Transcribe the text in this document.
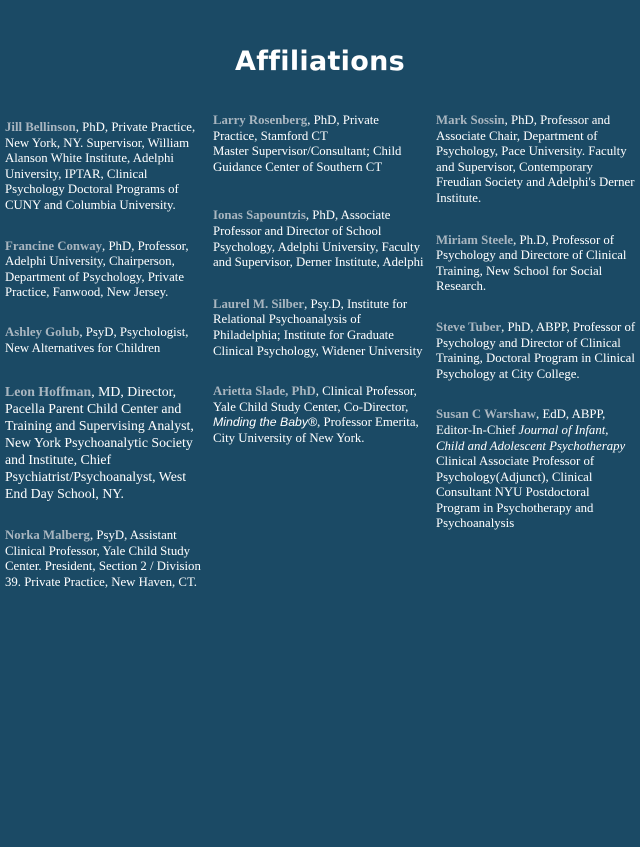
Affiliations

Jill Bellinson, PhD, Private Practice, New York, NY. Supervisor, William Alanson White Institute, Adelphi University, IPTAR, Clinical Psychology Doctoral Programs of CUNY and Columbia University.

Francine Conway, PhD, Professor, Adelphi University, Chairperson, Department of Psychology, Private Practice, Fanwood, New Jersey.

Ashley Golub, PsyD, Psychologist, New Alternatives for Children

Leon Hoffman, MD, Director, Pacella Parent Child Center and Training and Supervising Analyst, New York Psychoanalytic Society and Institute, Chief Psychiatrist/Psychoanalyst, West End Day School, NY.

Norka Malberg, PsyD, Assistant Clinical Professor, Yale Child Study Center. President, Section 2 / Division 39. Private Practice, New Haven, CT.

Larry Rosenberg, PhD, Private Practice, Stamford CT
Master Supervisor/Consultant; Child Guidance Center of Southern CT

Ionas Sapountzis, PhD, Associate Professor and Director of School Psychology, Adelphi University, Faculty and Supervisor, Derner Institute, Adelphi

Laurel M. Silber, Psy.D, Institute for Relational Psychoanalysis of Philadelphia; Institute for Graduate Clinical Psychology, Widener University

Arietta Slade, PhD, Clinical Professor, Yale Child Study Center, Co-Director, Minding the Baby®, Professor Emerita, City University of New York.

Mark Sossin, PhD, Professor and Associate Chair, Department of Psychology, Pace University. Faculty and Supervisor, Contemporary Freudian Society and Adelphi's Derner Institute.

Miriam Steele, Ph.D, Professor of Psychology and Directore of Clinical Training, New School for Social Research.

Steve Tuber, PhD, ABPP, Professor of Psychology and Director of Clinical Training, Doctoral Program in Clinical Psychology at City College.

Susan C Warshaw, EdD, ABPP, Editor-In-Chief Journal of Infant, Child and Adolescent Psychotherapy
Clinical Associate Professor of Psychology(Adjunct), Clinical Consultant NYU Postdoctoral Program in Psychotherapy and Psychoanalysis
